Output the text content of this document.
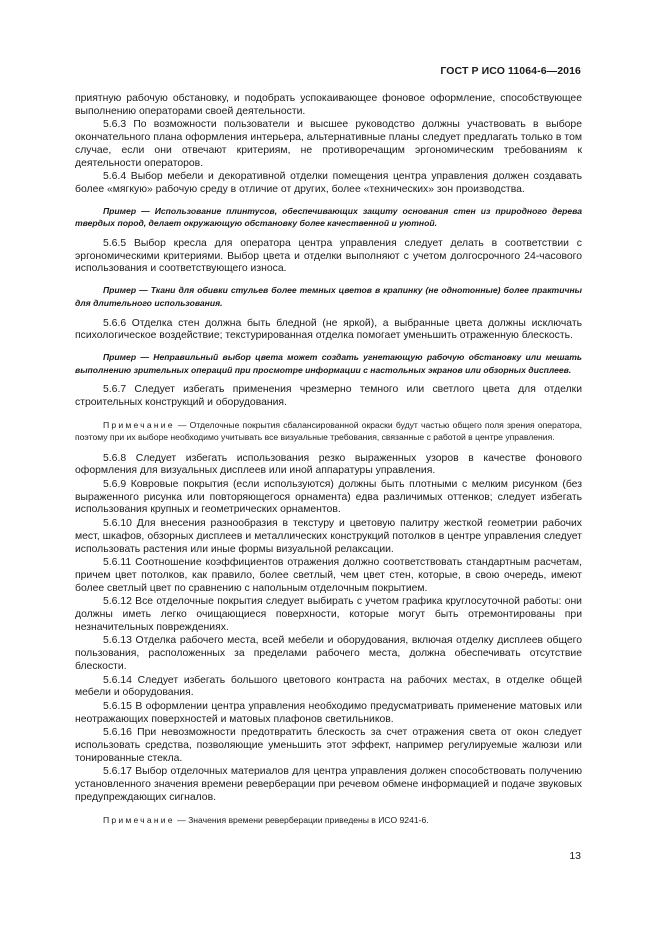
ГОСТ Р ИСО 11064-6—2016

приятную рабочую обстановку, и подобрать успокаивающее фоновое оформление, способствующее выполнению операторами своей деятельности.

5.6.3 По возможности пользователи и высшее руководство должны участвовать в выборе окончательного плана оформления интерьера, альтернативные планы следует предлагать только в том случае, если они отвечают критериям, не противоречащим эргономическим требованиям к деятельности операторов.

5.6.4 Выбор мебели и декоративной отделки помещения центра управления должен создавать более «мягкую» рабочую среду в отличие от других, более «технических» зон производства.

Пример — Использование плинтусов, обеспечивающих защиту основания стен из природного дерева твердых пород, делает окружающую обстановку более качественной и уютной.

5.6.5 Выбор кресла для оператора центра управления следует делать в соответствии с эргономическими критериями. Выбор цвета и отделки выполняют с учетом долгосрочного 24-часового использования и соответствующего износа.

Пример — Ткани для обивки стульев более темных цветов в крапинку (не однотонные) более практичны для длительного использования.

5.6.6 Отделка стен должна быть бледной (не яркой), а выбранные цвета должны исключать психологическое воздействие; текстурированная отделка помогает уменьшить отраженную блескость.

Пример — Неправильный выбор цвета может создать угнетающую рабочую обстановку или мешать выполнению зрительных операций при просмотре информации с настольных экранов или обзорных дисплеев.

5.6.7 Следует избегать применения чрезмерно темного или светлого цвета для отделки строительных конструкций и оборудования.

Примечание — Отделочные покрытия сбалансированной окраски будут частью общего поля зрения оператора, поэтому при их выборе необходимо учитывать все визуальные требования, связанные с работой в центре управления.

5.6.8 Следует избегать использования резко выраженных узоров в качестве фонового оформления для визуальных дисплеев или иной аппаратуры управления.

5.6.9 Ковровые покрытия (если используются) должны быть плотными с мелким рисунком (без выраженного рисунка или повторяющегося орнамента) едва различимых оттенков; следует избегать использования крупных и геометрических орнаментов.

5.6.10 Для внесения разнообразия в текстуру и цветовую палитру жесткой геометрии рабочих мест, шкафов, обзорных дисплеев и металлических конструкций потолков в центре управления следует использовать растения или иные формы визуальной релаксации.

5.6.11 Соотношение коэффициентов отражения должно соответствовать стандартным расчетам, причем цвет потолков, как правило, более светлый, чем цвет стен, которые, в свою очередь, имеют более светлый цвет по сравнению с напольным отделочным покрытием.

5.6.12 Все отделочные покрытия следует выбирать с учетом графика круглосуточной работы: они должны иметь легко очищающиеся поверхности, которые могут быть отремонтированы при незначительных повреждениях.

5.6.13 Отделка рабочего места, всей мебели и оборудования, включая отделку дисплеев общего пользования, расположенных за пределами рабочего места, должна обеспечивать отсутствие блескости.

5.6.14 Следует избегать большого цветового контраста на рабочих местах, в отделке общей мебели и оборудования.

5.6.15 В оформлении центра управления необходимо предусматривать применение матовых или неотражающих поверхностей и матовых плафонов светильников.

5.6.16 При невозможности предотвратить блескость за счет отражения света от окон следует использовать средства, позволяющие уменьшить этот эффект, например регулируемые жалюзи или тонированные стекла.

5.6.17 Выбор отделочных материалов для центра управления должен способствовать получению установленного значения времени реверберации при речевом обмене информацией и подаче звуковых предупреждающих сигналов.

Примечание — Значения времени реверберации приведены в ИСО 9241-6.

13
